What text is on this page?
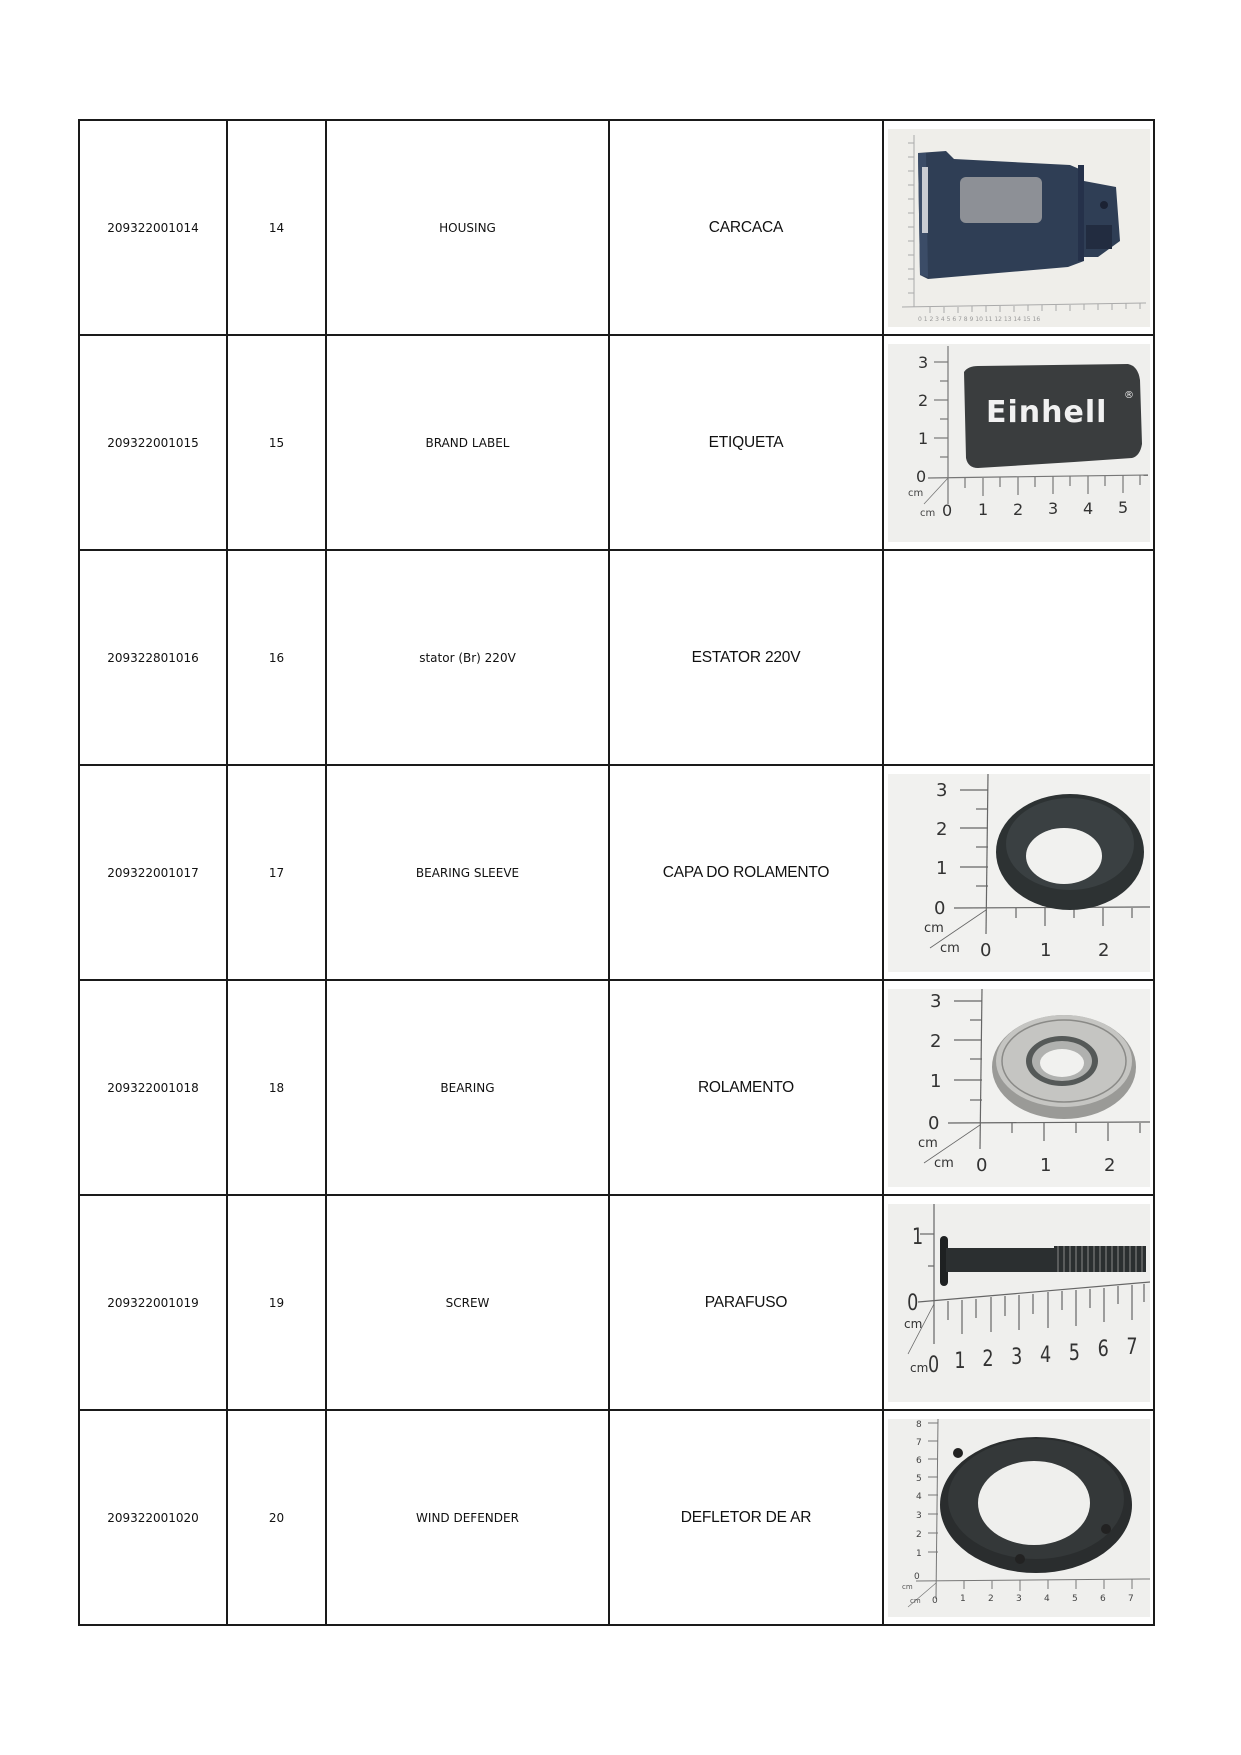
209322001014	14	HOUSING	CARCACA	0 1 2 3 4 5 6 7 8 9 10 11 12 13 14 15 16

209322001015	15	BRAND LABEL	ETIQUETA	
3
2
1
0
0 1 2 3 4 5
cm
cm
Einhell ®

209322801016	16	stator (Br) 220V	ESTATOR 220V	

209322001017	17	BEARING SLEEVE	CAPA DO ROLAMENTO	
3
2
1
0
0	1	2
cm
cm

209322001018	18	BEARING	ROLAMENTO	
3
2
1
0
0	1	2
cm
cm

209322001019	19	SCREW	PARAFUSO	
1
0
0 1 2 3 4 5 6 7
cm
cm

209322001020	20	WIND DEFENDER	DEFLETOR DE AR	
8
7
6
5
4
3
2
1
0
0 1 2 3 4 5 6 7
cm
cm
